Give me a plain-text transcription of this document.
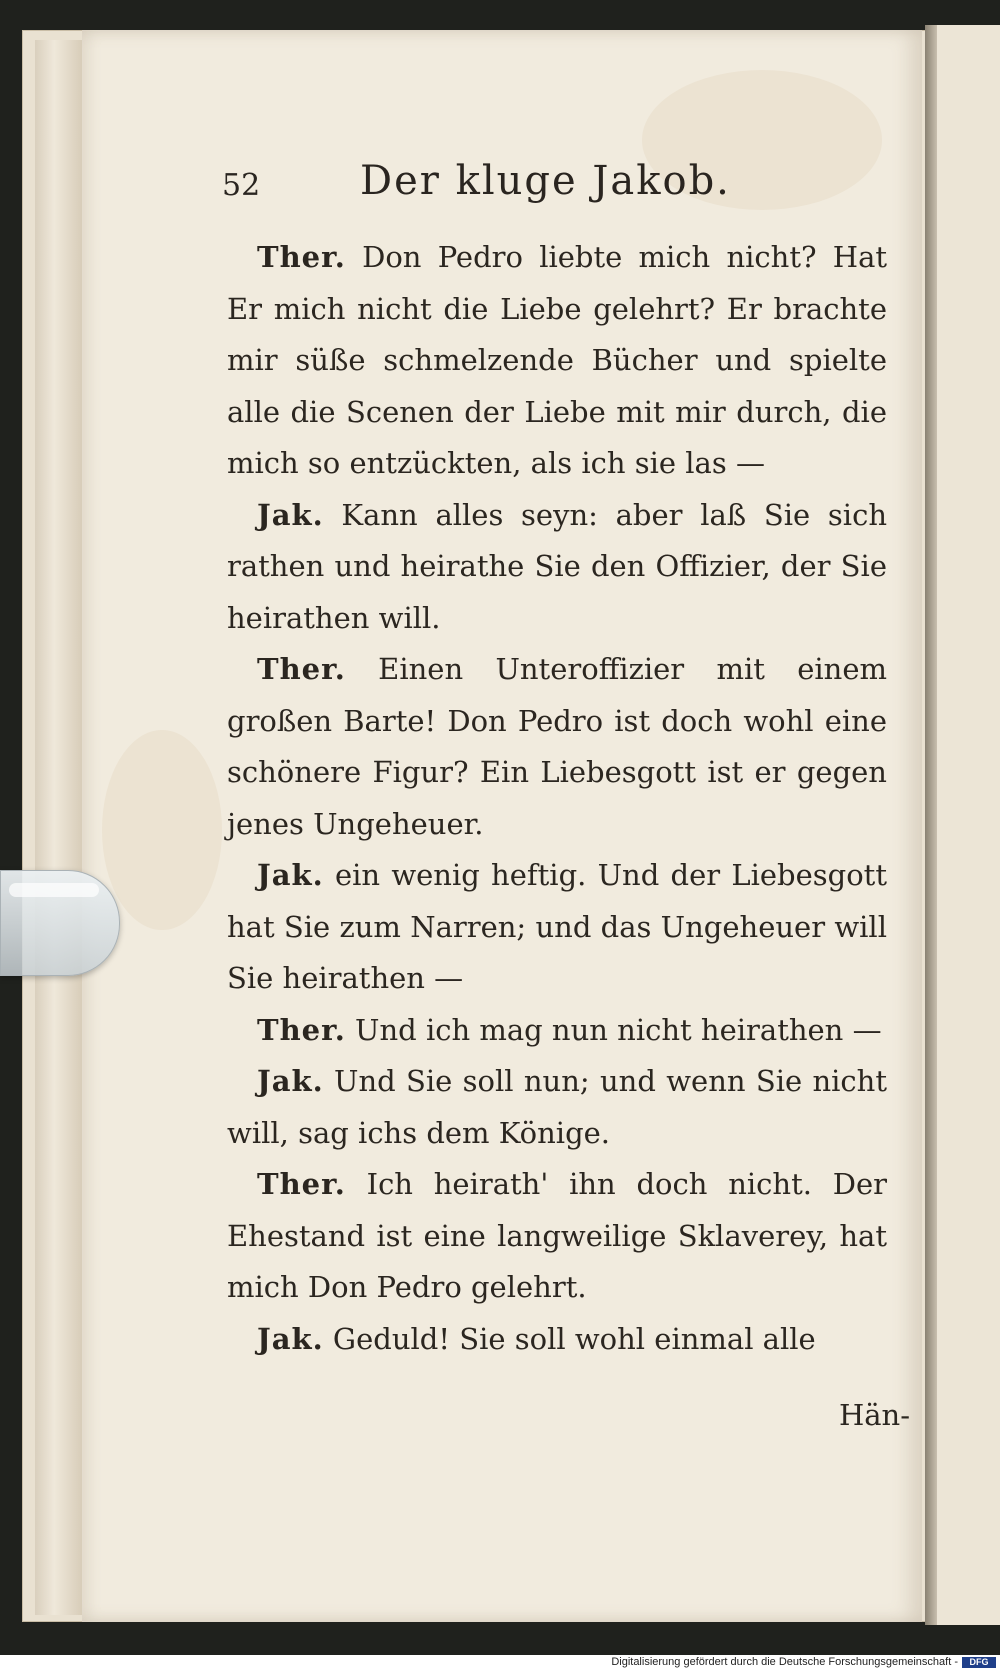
52 Der kluge Jakob.

Ther. Don Pedro liebte mich nicht? Hat Er mich nicht die Liebe gelehrt? Er brachte mir süße schmelzende Bücher und spielte alle die Scenen der Liebe mit mir durch, die mich so entzückten, als ich sie las —

Jak. Kann alles seyn: aber laß Sie sich rathen und heirathe Sie den Offizier, der Sie heirathen will.

Ther. Einen Unteroffizier mit einem großen Barte! Don Pedro ist doch wohl eine schönere Figur? Ein Liebesgott ist er gegen jenes Ungeheuer.

Jak. ein wenig heftig. Und der Liebesgott hat Sie zum Narren; und das Ungeheuer will Sie heirathen —

Ther. Und ich mag nun nicht heirathen —

Jak. Und Sie soll nun; und wenn Sie nicht will, sag ichs dem Könige.

Ther. Ich heirath' ihn doch nicht. Der Ehestand ist eine langweilige Sklaverey, hat mich Don Pedro gelehrt.

Jak. Geduld! Sie soll wohl einmal alle

Hän-
Digitalisierung gefördert durch die Deutsche Forschungsgemeinschaft -	DFG
